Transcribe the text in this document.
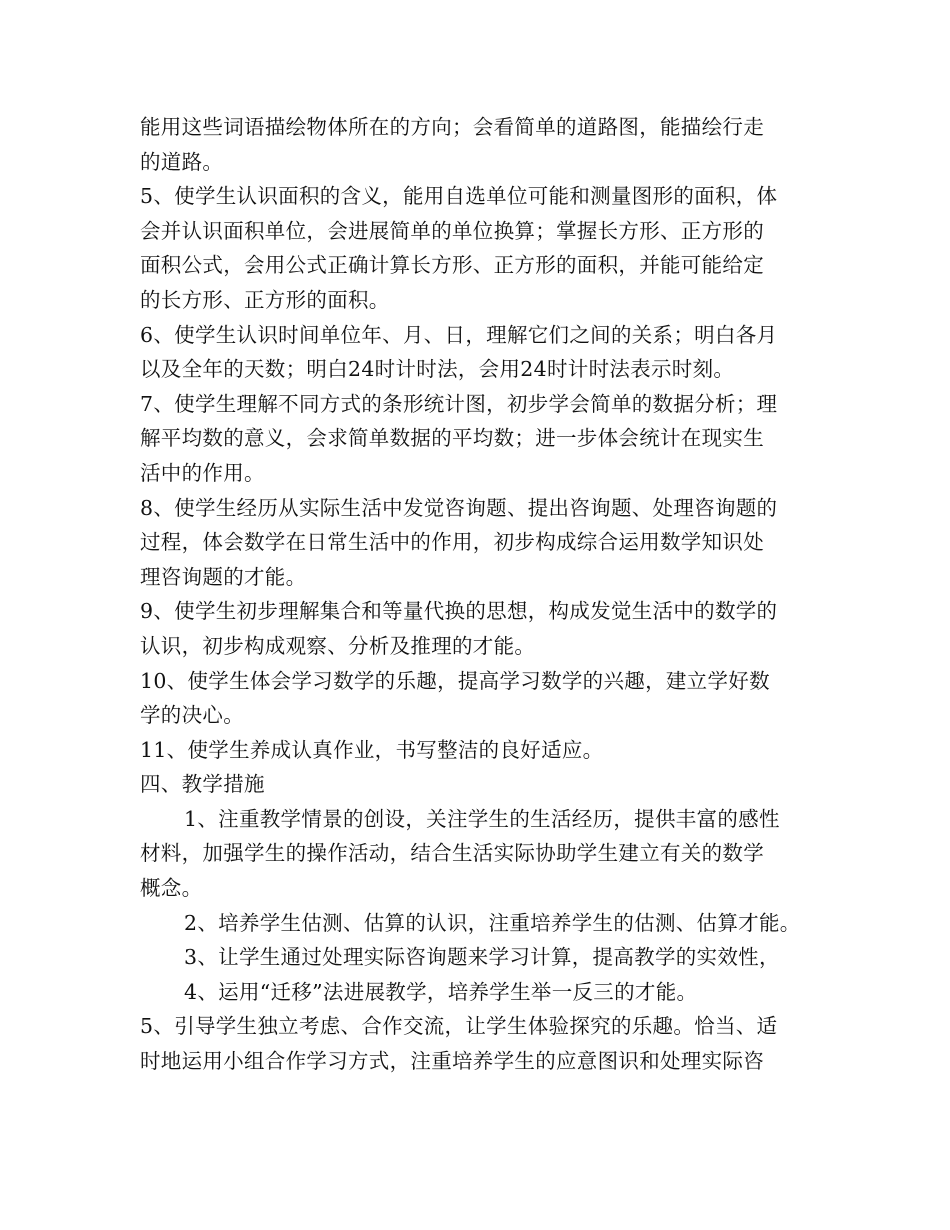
能用这些词语描绘物体所在的方向；会看简单的道路图，能描绘行走
的道路。
5、使学生认识面积的含义，能用自选单位可能和测量图形的面积，体
会并认识面积单位，会进展简单的单位换算；掌握长方形、正方形的
面积公式，会用公式正确计算长方形、正方形的面积，并能可能给定
的长方形、正方形的面积。
6、使学生认识时间单位年、月、日，理解它们之间的关系；明白各月
以及全年的天数；明白24时计时法，会用24时计时法表示时刻。
7、使学生理解不同方式的条形统计图，初步学会简单的数据分析；理
解平均数的意义，会求简单数据的平均数；进一步体会统计在现实生
活中的作用。
8、使学生经历从实际生活中发觉咨询题、提出咨询题、处理咨询题的
过程，体会数学在日常生活中的作用，初步构成综合运用数学知识处
理咨询题的才能。
9、使学生初步理解集合和等量代换的思想，构成发觉生活中的数学的
认识，初步构成观察、分析及推理的才能。
10、使学生体会学习数学的乐趣，提高学习数学的兴趣，建立学好数
学的决心。
11、使学生养成认真作业，书写整洁的良好适应。
四、教学措施
1、注重教学情景的创设，关注学生的生活经历，提供丰富的感性
材料，加强学生的操作活动，结合生活实际协助学生建立有关的数学
概念。
2、培养学生估测、估算的认识，注重培养学生的估测、估算才能。
3、让学生通过处理实际咨询题来学习计算，提高教学的实效性，
4、运用“迁移”法进展教学，培养学生举一反三的才能。
5、引导学生独立考虑、合作交流，让学生体验探究的乐趣。恰当、适
时地运用小组合作学习方式，注重培养学生的应意图识和处理实际咨
